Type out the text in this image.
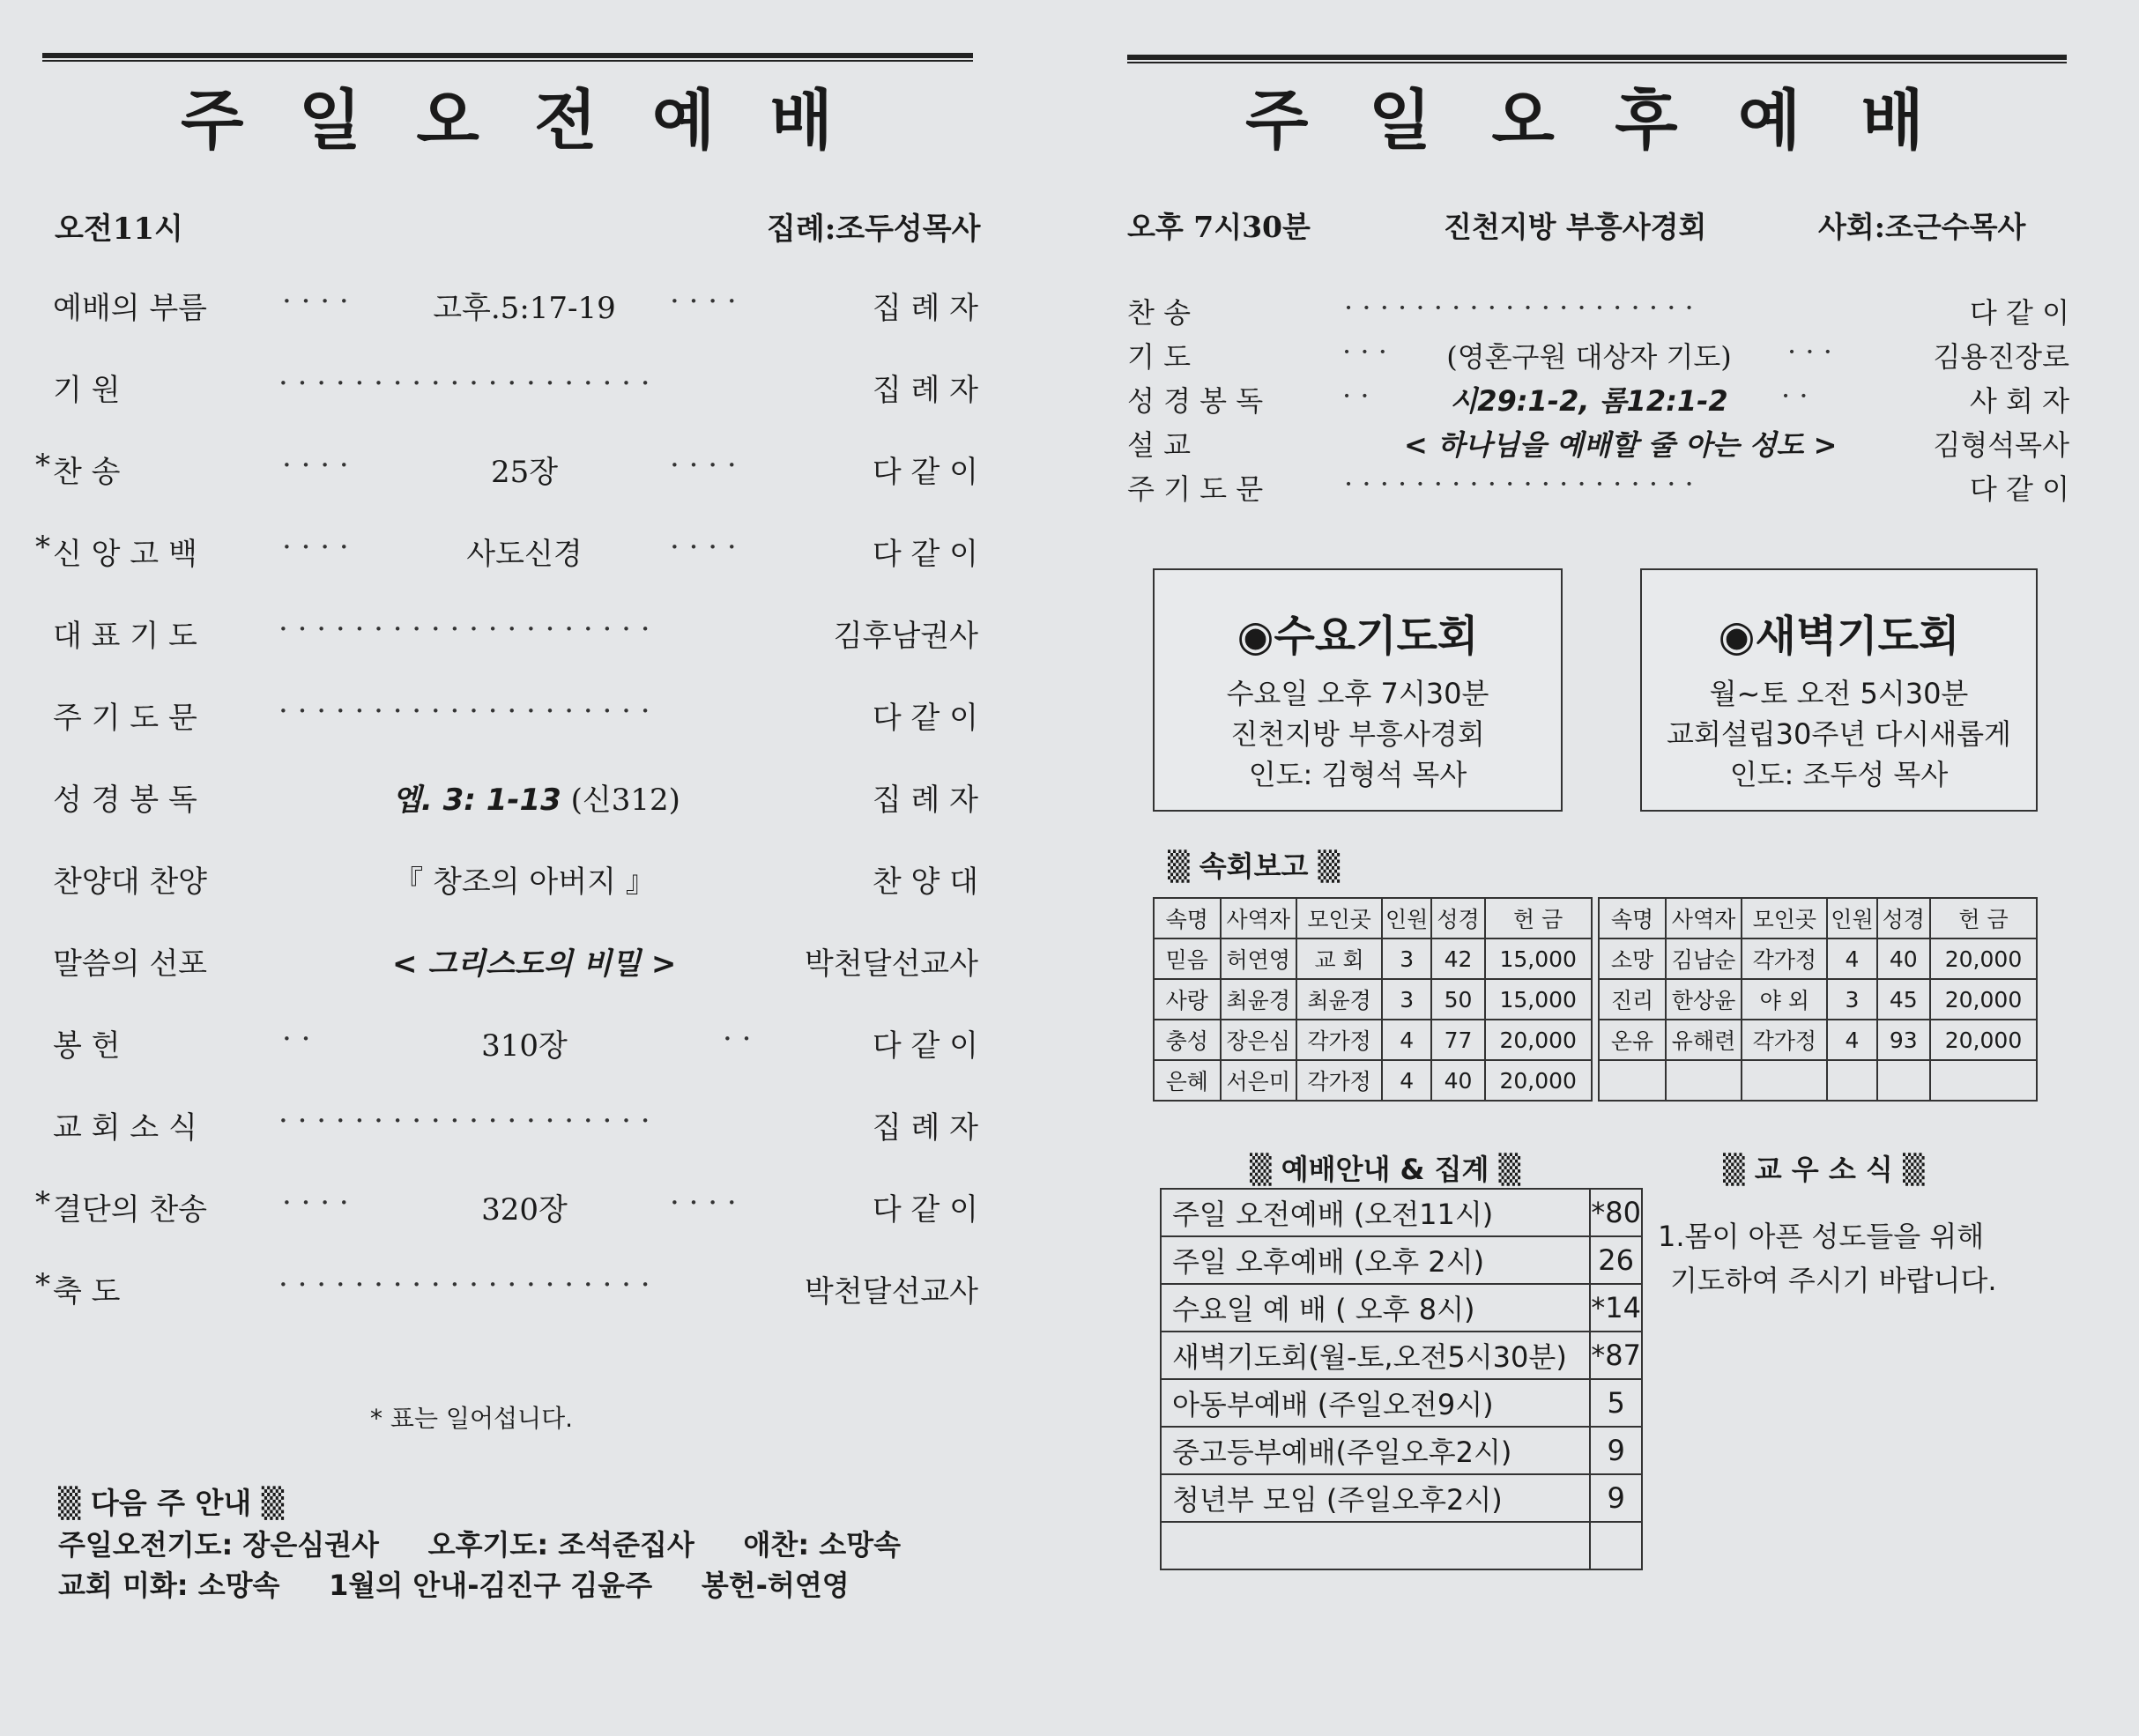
주 일 오 전 예 배
오전11시	집례:조두성목사
예배의 부름 · · · ·	고후.5:17-19	· · · ·	집 례 자
기 원	· · · · · · · · · · · · · · · · · · · ·	집 례 자
* 찬 송	· · · ·	25장	· · · ·	다 같 이
* 신 앙 고 백	· · · ·	사도신경	· · · ·	다 같 이
대 표 기 도	· · · · · · · · · · · · · · · · · · · ·	김후남권사
주 기 도 문	· · · · · · · · · · · · · · · · · · · ·	다 같 이
성 경 봉 독	엡. 3: 1-13 (신312)	집 례 자
찬양대 찬양	『 창조의 아버지 』	찬 양 대
말씀의 선포	< 그리스도의 비밀 >	박천달선교사
봉 헌	· ·	310장	· ·	다 같 이
교 회 소 식	· · · · · · · · · · · · · · · · · · · ·	집 례 자
* 결단의 찬송 · · · ·	320장	· · · ·	다 같 이
* 축 도	· · · · · · · · · · · · · · · · · · · ·	박천달선교사
* 표는 일어섭니다.
▒ 다음 주 안내 ▒
주일오전기도: 장은심권사     오후기도: 조석준집사     애찬: 소망속
교회 미화: 소망속     1월의 안내-김진구 김윤주     봉헌-허연영
주 일 오 후 예 배
오후 7시30분	진천지방 부흥사경회	사회:조근수목사
찬 송	· · · · · · · · · · · · · · · · · · · ·	다 같 이
기 도	· · ·	(영혼구원 대상자 기도)	· · ·	김용진장로
성 경 봉 독	· ·	시29:1-2, 롬12:1-2	· ·	사 회 자
설 교	< 하나님을 예배할 줄 아는 성도 >	김형석목사
주 기 도 문	· · · · · · · · · · · · · · · · · · · ·	다 같 이
◉수요기도회
수요일 오후 7시30분
진천지방 부흥사경회
인도: 김형석 목사
◉새벽기도회
월~토 오전 5시30분
교회설립30주년 다시새롭게
인도: 조두성 목사
▒ 속회보고 ▒
속명	사역자	모인곳	인원	성경	헌 금		속명	사역자	모인곳	인원	성경	헌 금
믿음	허연영	교 회	3	42	15,000		소망	김남순	각가정	4	40	20,000
사랑	최윤경	최윤경	3	50	15,000		진리	한상윤	야 외	3	45	20,000
충성	장은심	각가정	4	77	20,000		온유	유해련	각가정	4	93	20,000
은혜	서은미	각가정	4	40	20,000							
▒ 예배안내 & 집계 ▒
주일 오전예배 (오전11시)	*80
주일 오후예배 (오후 2시)	26
수요일 예 배 ( 오후 8시)	*14
새벽기도회(월-토,오전5시30분)	*87
아동부예배 (주일오전9시)	5
중고등부예배(주일오후2시)	9
청년부 모임 (주일오후2시)	9

▒ 교 우 소 식 ▒
1.몸이 아픈 성도들을 위해
기도하여 주시기 바랍니다.
